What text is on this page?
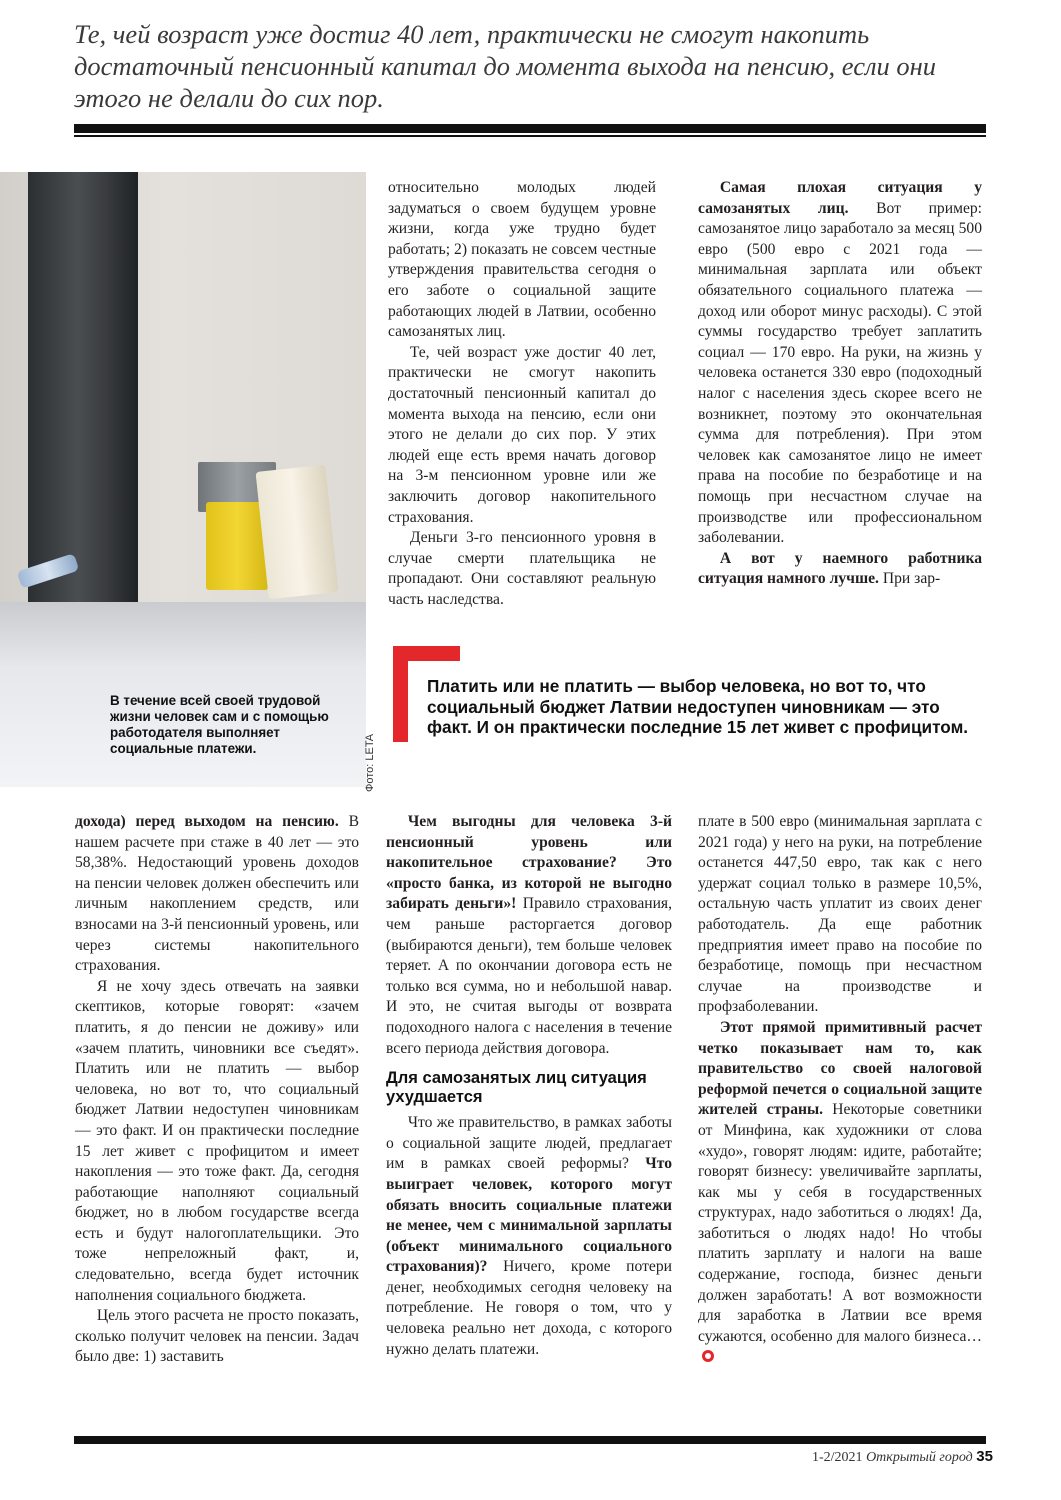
Те, чей возраст уже достиг 40 лет, практически не смогут накопить достаточный пенсионный капитал до момента выхода на пенсию, если они этого не делали до сих пор.
В течение всей своей трудовой жизни человек сам и с помощью работодателя выполняет социальные платежи.	Фото: LETA

относительно молодых людей задуматься о своем будущем уровне жизни, когда уже трудно будет работать; 2) показать не совсем честные утверждения правительства сегодня о его заботе о социальной защите работающих людей в Латвии, особенно самозанятых лиц.

Те, чей возраст уже достиг 40 лет, практически не смогут накопить достаточный пенсионный капитал до момента выхода на пенсию, если они этого не делали до сих пор. У этих людей еще есть время начать договор на 3-м пенсионном уровне или же заключить договор накопительного страхования.

Деньги 3-го пенсионного уровня в случае смерти плательщика не пропадают. Они составляют реальную часть наследства.

Самая плохая ситуация у самозанятых лиц. Вот пример: самозанятое лицо заработало за месяц 500 евро (500 евро с 2021 года — минимальная зарплата или объект обязательного социального платежа — доход или оборот минус расходы). С этой суммы государство требует заплатить социал — 170 евро. На руки, на жизнь у человека останется 330 евро (подоходный налог с населения здесь скорее всего не возникнет, поэтому это окончательная сумма для потребления). При этом человек как самозанятое лицо не имеет права на пособие по безработице и на помощь при несчастном случае на производстве или профессиональном заболевании.

А вот у наемного работника ситуация намного лучше. При зар-

Платить или не платить — выбор человека, но вот то, что социальный бюджет Латвии недоступен чиновникам — это факт. И он практически последние 15 лет живет с профицитом.

дохода) перед выходом на пенсию. В нашем расчете при стаже в 40 лет — это 58,38%. Недостающий уровень доходов на пенсии человек должен обеспечить или личным накоплением средств, или взносами на 3-й пенсионный уровень, или через системы накопительного страхования.

Я не хочу здесь отвечать на заявки скептиков, которые говорят: «зачем платить, я до пенсии не доживу» или «зачем платить, чиновники все съедят». Платить или не платить — выбор человека, но вот то, что социальный бюджет Латвии недоступен чиновникам — это факт. И он практически последние 15 лет живет с профицитом и имеет накопления — это тоже факт. Да, сегодня работающие наполняют социальный бюджет, но в любом государстве всегда есть и будут налогоплательщики. Это тоже непреложный факт, и, следовательно, всегда будет источник наполнения социального бюджета.

Цель этого расчета не просто показать, сколько получит человек на пенсии. Задач было две: 1) заставить

Чем выгодны для человека 3-й пенсионный уровень или накопительное страхование? Это «просто банка, из которой не выгодно забирать деньги»! Правило страхования, чем раньше расторгается договор (выбираются деньги), тем больше человек теряет. А по окончании договора есть не только вся сумма, но и небольшой навар. И это, не считая выгоды от возврата подоходного налога с населения в течение всего периода действия договора.

Для самозанятых лиц ситуация ухудшается

Что же правительство, в рамках заботы о социальной защите людей, предлагает им в рамках своей реформы? Что выиграет человек, которого могут обязать вносить социальные платежи не менее, чем с минимальной зарплаты (объект минимального социального страхования)? Ничего, кроме потери денег, необходимых сегодня человеку на потребление. Не говоря о том, что у человека реально нет дохода, с которого нужно делать платежи.

плате в 500 евро (минимальная зарплата с 2021 года) у него на руки, на потребление останется 447,50 евро, так как с него удержат социал только в размере 10,5%, остальную часть уплатит из своих денег работодатель. Да еще работник предприятия имеет право на пособие по безработице, помощь при несчастном случае на производстве и профзаболевании.

Этот прямой примитивный расчет четко показывает нам то, как правительство со своей налоговой реформой печется о социальной защите жителей страны. Некоторые советники от Минфина, как художники от слова «худо», говорят людям: идите, работайте; говорят бизнесу: увеличивайте зарплаты, как мы у себя в государственных структурах, надо заботиться о людях! Да, заботиться о людях надо! Но чтобы платить зарплату и налоги на ваше содержание, господа, бизнес деньги должен заработать! А вот возможности для заработка в Латвии все время сужаются, особенно для малого бизнеса…

1-2/2021 Открытый город 35
